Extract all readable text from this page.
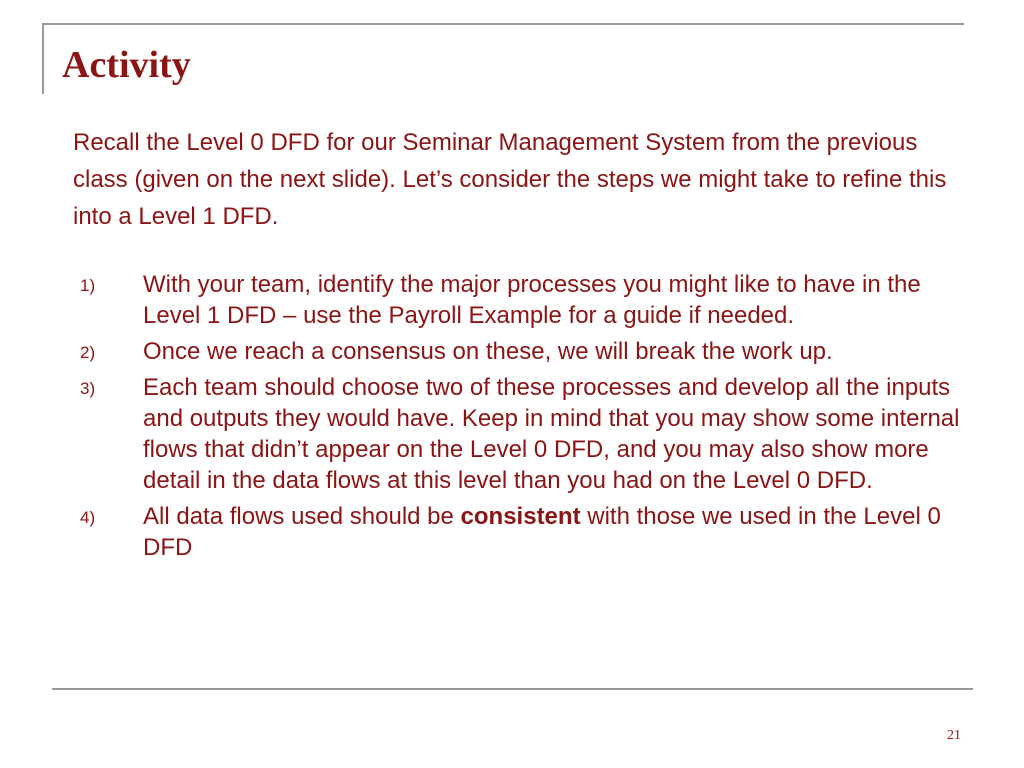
Activity

Recall the Level 0 DFD for our Seminar Management System from the previous class (given on the next slide). Let’s consider the steps we might take to refine this into a Level 1 DFD.

1)	With your team, identify the major processes you might like to have in the Level 1 DFD – use the Payroll Example for a guide if needed.
2)	Once we reach a consensus on these, we will break the work up.
3)	Each team should choose two of these processes and develop all the inputs and outputs they would have. Keep in mind that you may show some internal flows that didn’t appear on the Level 0 DFD, and you may also show more detail in the data flows at this level than you had on the Level 0 DFD.
4)	All data flows used should be consistent with those we used in the Level 0 DFD
21
